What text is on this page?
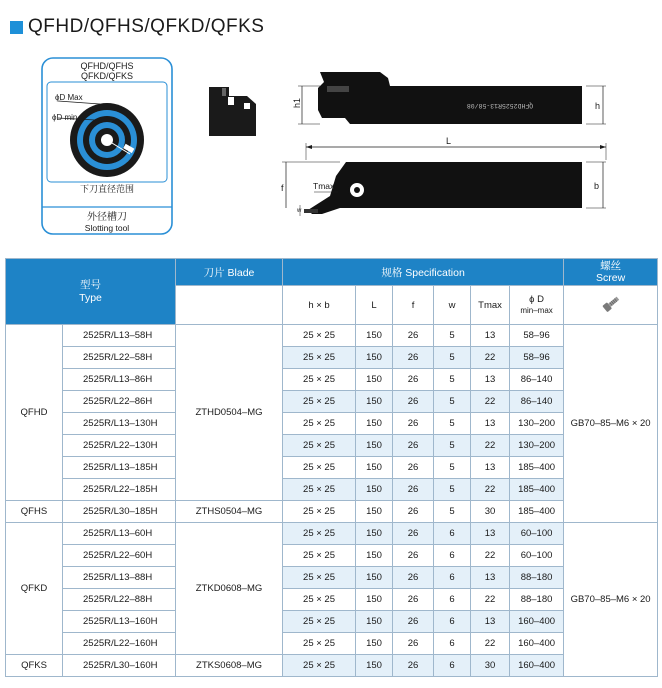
QFHD/QFHS/QFKD/QFKS
QFHD/QFHS
QFKD/QFKS
ϕD Max
ϕD min
下刀直径范围
外径槽刀
Slotting tool
QFHD2525R13-58/08
h1	h
L
f	Tmax
w
b
型号
Type		刀片 Blade	规格 Specification						螺丝
Screw
			h × b	L	f	w	Tmax	ϕ D
min–max

QFHD	2525R/L13–58H	ZTHD0504–MG	25 × 25	150	26	5	13	58–96	GB70–85–M6 × 20
	2525R/L22–58H		25 × 25	150	26	5	22	58–96	
	2525R/L13–86H		25 × 25	150	26	5	13	86–140	
	2525R/L22–86H		25 × 25	150	26	5	22	86–140	
	2525R/L13–130H		25 × 25	150	26	5	13	130–200	
	2525R/L22–130H		25 × 25	150	26	5	22	130–200	
	2525R/L13–185H		25 × 25	150	26	5	13	185–400	
	2525R/L22–185H		25 × 25	150	26	5	22	185–400	
QFHS	2525R/L30–185H	ZTHS0504–MG	25 × 25	150	26	5	30	185–400	
QFKD	2525R/L13–60H	ZTKD0608–MG	25 × 25	150	26	6	13	60–100	GB70–85–M6 × 20
	2525R/L22–60H		25 × 25	150	26	6	22	60–100	
	2525R/L13–88H		25 × 25	150	26	6	13	88–180	
	2525R/L22–88H		25 × 25	150	26	6	22	88–180	
	2525R/L13–160H		25 × 25	150	26	6	13	160–400	
	2525R/L22–160H		25 × 25	150	26	6	22	160–400	
QFKS	2525R/L30–160H	ZTKS0608–MG	25 × 25	150	26	6	30	160–400	
